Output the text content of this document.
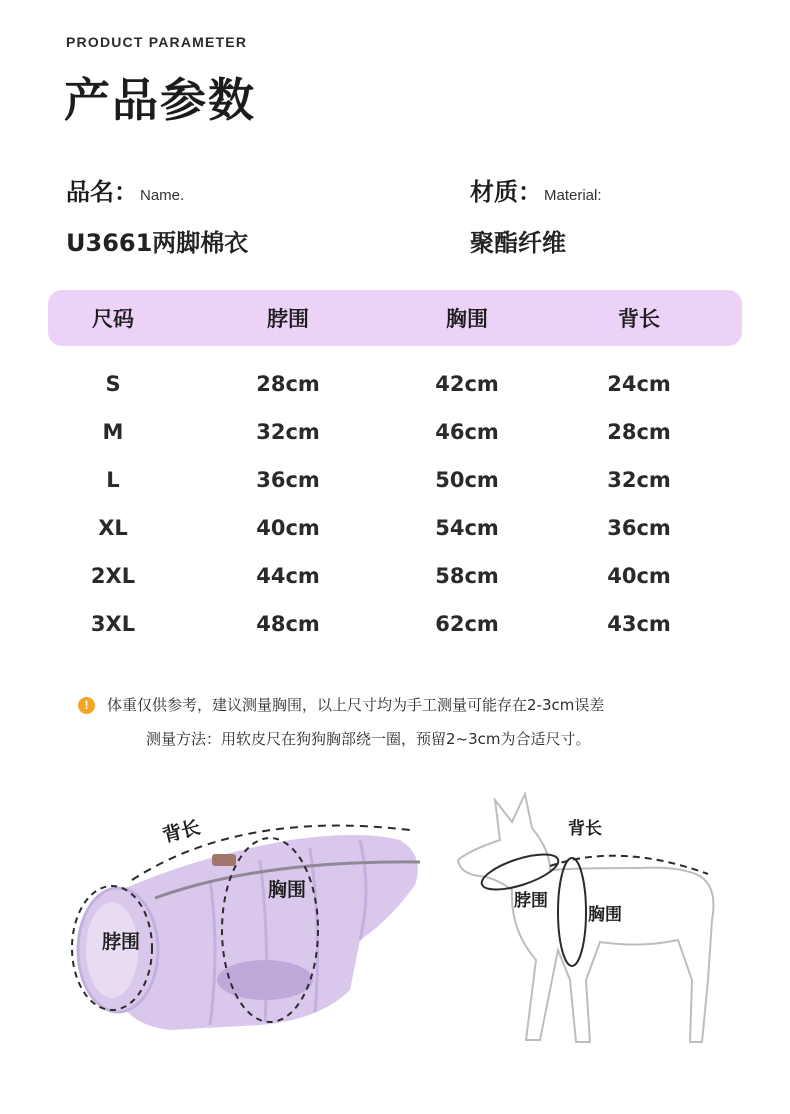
PRODUCT PARAMETER
产品参数
品名： Name.
U3661两脚棉衣
材质： Material:
聚酯纤维
尺码	脖围	胸围	背长
S	28cm	42cm	24cm
M	32cm	46cm	28cm
L	36cm	50cm	32cm
XL	40cm	54cm	36cm
2XL	44cm	58cm	40cm
3XL	48cm	62cm	43cm
!	体重仅供参考，建议测量胸围，以上尺寸均为手工测量可能存在2-3cm误差
测量方法：用软皮尺在狗狗胸部绕一圈，预留2~3cm为合适尺寸。
背长
胸围
脖围
背长
脖围
胸围
